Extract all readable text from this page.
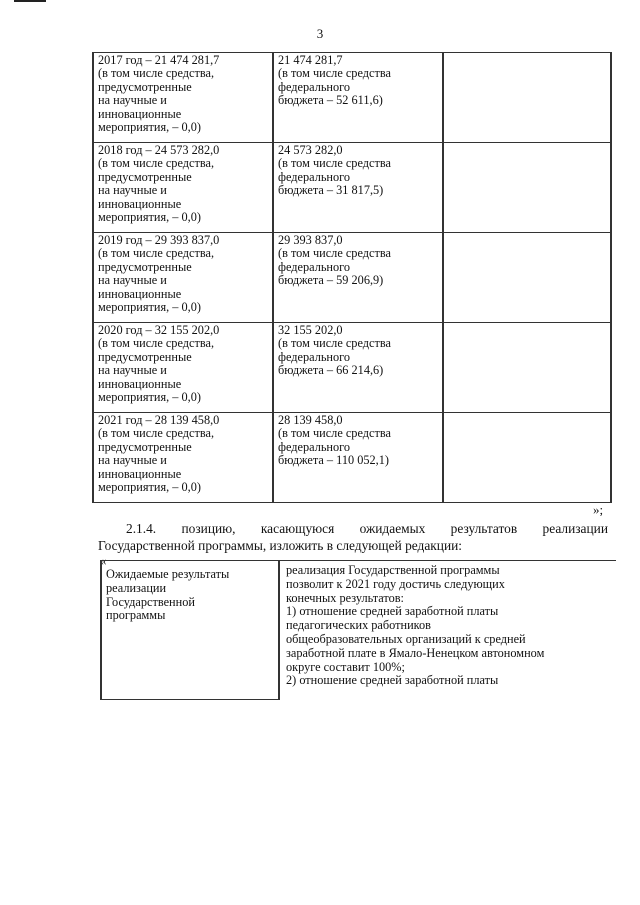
3
2017 год – 21 474 281,7
(в том числе средства,
предусмотренные
на научные и
инновационные
мероприятия, – 0,0)
21 474 281,7
(в том числе средства
федерального
бюджета – 52 611,6)
2018 год – 24 573 282,0
(в том числе средства,
предусмотренные
на научные и
инновационные
мероприятия, – 0,0)
24 573 282,0
(в том числе средства
федерального
бюджета – 31 817,5)
2019 год – 29 393 837,0
(в том числе средства,
предусмотренные
на научные и
инновационные
мероприятия, – 0,0)
29 393 837,0
(в том числе средства
федерального
бюджета – 59 206,9)
2020 год – 32 155 202,0
(в том числе средства,
предусмотренные
на научные и
инновационные
мероприятия, – 0,0)
32 155 202,0
(в том числе средства
федерального
бюджета – 66 214,6)
2021 год – 28 139 458,0
(в том числе средства,
предусмотренные
на научные и
инновационные
мероприятия, – 0,0)
28 139 458,0
(в том числе средства
федерального
бюджета – 110 052,1)
»;
2.1.4. позицию, касающуюся ожидаемых результатов реализации
Государственной программы, изложить в следующей редакции:
Ожидаемые результаты
реализации
Государственной
программы
реализация Государственной программы
позволит к 2021 году достичь следующих
конечных результатов:
1) отношение средней заработной платы
педагогических работников
общеобразовательных организаций к средней
заработной плате в Ямало-Ненецком автономном
округе составит 100%;
2) отношение средней заработной платы
